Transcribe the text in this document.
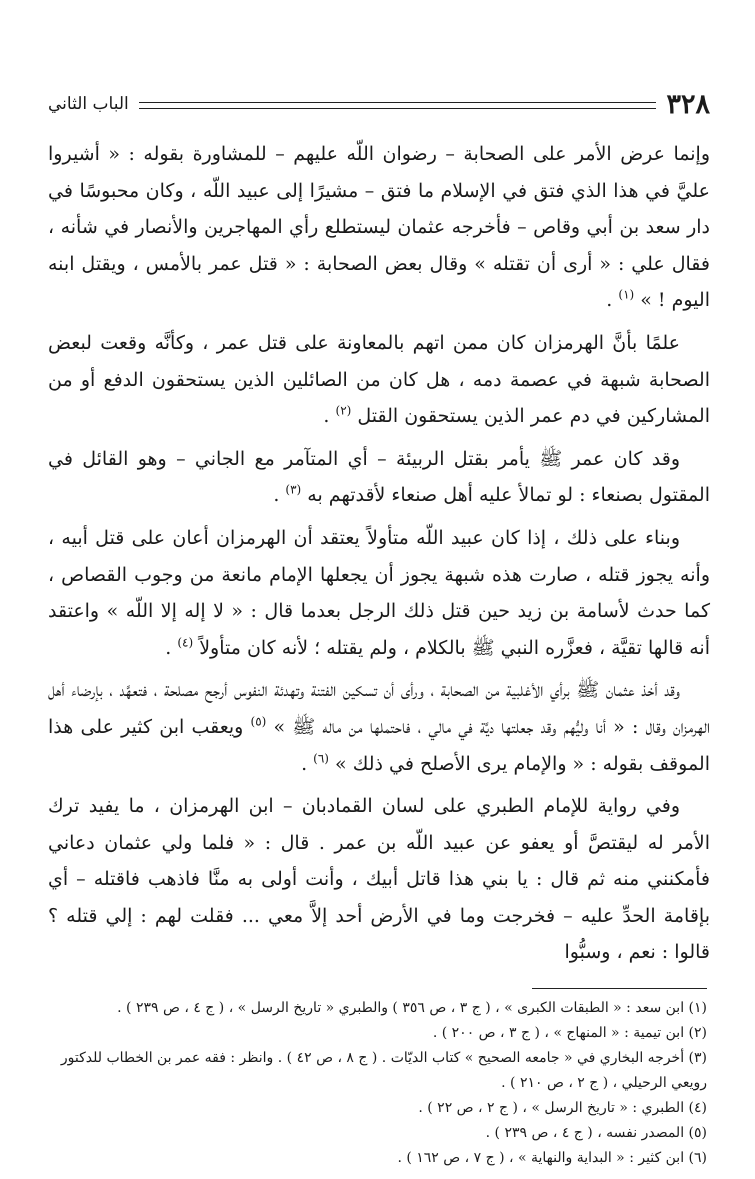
٣٢٨
الباب الثاني

وإنما عرض الأمر على الصحابة – رضوان اللّه عليهم – للمشاورة بقوله : « أشيروا عليَّ في هذا الذي فتق في الإسلام ما فتق – مشيرًا إلى عبيد اللّه ، وكان محبوسًا في دار سعد بن أبي وقاص – فأخرجه عثمان ليستطلع رأي المهاجرين والأنصار في شأنه ، فقال علي : « أرى أن تقتله » وقال بعض الصحابة : « قتل عمر بالأمس ، ويقتل ابنه اليوم ! » $^{(١)}$ .

علمًا بأنَّ الهرمزان كان ممن اتهم بالمعاونة على قتل عمر ، وكأنَّه وقعت لبعض الصحابة شبهة في عصمة دمه ، هل كان من الصائلين الذين يستحقون الدفع أو من المشاركين في دم عمر الذين يستحقون القتل $^{(٢)}$ .

وقد كان عمر ﷺ يأمر بقتل الربيئة – أي المتآمر مع الجاني – وهو القائل في المقتول بصنعاء : لو تمالأ عليه أهل صنعاء لأقدتهم به $^{(٣)}$ .

وبناء على ذلك ، إذا كان عبيد اللّه متأولاً يعتقد أن الهرمزان أعان على قتل أبيه ، وأنه يجوز قتله ، صارت هذه شبهة يجوز أن يجعلها الإمام مانعة من وجوب القصاص ، كما حدث لأسامة بن زيد حين قتل ذلك الرجل بعدما قال : « لا إله إلا اللّه » واعتقد أنه قالها تقيَّة ، فعزَّره النبي ﷺ بالكلام ، ولم يقتله ؛ لأنه كان متأولاً $^{(٤)}$ .

وقد أخذ عثمان ﷺ برأي الأغلبية من الصحابة ، ورأى أن تسكين الفتنة وتهدئة النفوس أرجح مصلحة ، فتعهَّد ، بإرضاء أهل الهرمزان وقال : « أنا وليُّهم وقد جعلتها ديَّة في مالي ، فاحتملها من ماله ﷺ » $^{(٥)}$ ويعقب ابن كثير على هذا الموقف بقوله : « والإمام يرى الأصلح في ذلك » $^{(٦)}$ .

وفي رواية للإمام الطبري على لسان القمادبان – ابن الهرمزان ، ما يفيد ترك الأمر له ليقتصَّ أو يعفو عن عبيد اللّه بن عمر . قال : « فلما ولي عثمان دعاني فأمكنني منه ثم قال : يا بني هذا قاتل أبيك ، وأنت أولى به منَّا فاذهب فاقتله – أي بإقامة الحدِّ عليه – فخرجت وما في الأرض أحد إلاَّ معي ... فقلت لهم : إلي قتله ؟ قالوا : نعم ، وسبُّوا

(١) ابن سعد : « الطبقات الكبرى » ، ( ج ٣ ، ص ٣٥٦ ) والطبري « تاريخ الرسل » ، ( ج ٤ ، ص ٢٣٩ ) .
(٢) ابن تيمية : « المنهاج » ، ( ج ٣ ، ص ٢٠٠ ) .
(٣) أخرجه البخاري في « جامعه الصحيح » كتاب الديّات . ( ج ٨ ، ص ٤٢ ) . وانظر : فقه عمر بن الخطاب للدكتور رويعي الرحيلي ، ( ج ٢ ، ص ٢١٠ ) .
(٤) الطبري : « تاريخ الرسل » ، ( ج ٢ ، ص ٢٢ ) .
(٥) المصدر نفسه ، ( ج ٤ ، ص ٢٣٩ ) .
(٦) ابن كثير : « البداية والنهاية » ، ( ج ٧ ، ص ١٦٢ ) .
